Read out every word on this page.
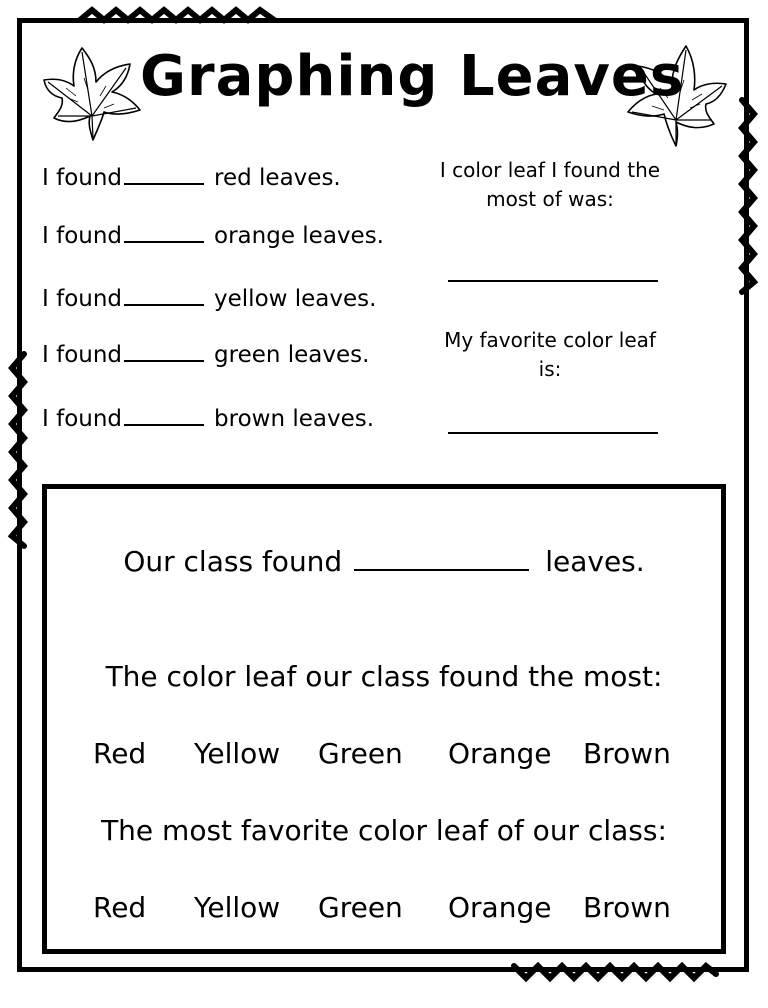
Graphing Leaves
I found	red leaves.
I found	orange leaves.
I found	yellow leaves.
I found	green leaves.
I found	brown leaves.
I color leaf I found the most of was:
My favorite color leaf is:
Our class found	leaves.
The color leaf our class found the most:
Red Yellow Green Orange Brown
The most favorite color leaf of our class:
Red Yellow Green Orange Brown
